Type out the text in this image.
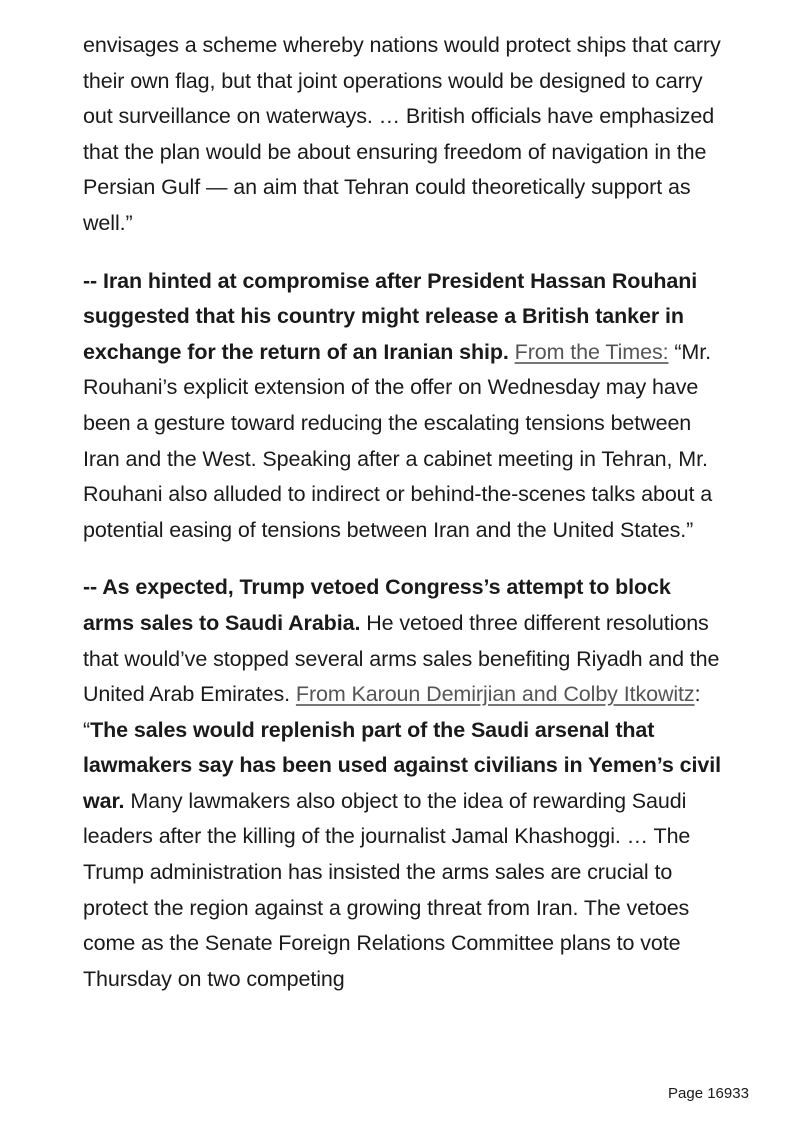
envisages a scheme whereby nations would protect ships that carry their own flag, but that joint operations would be designed to carry out surveillance on waterways. … British officials have emphasized that the plan would be about ensuring freedom of navigation in the Persian Gulf — an aim that Tehran could theoretically support as well.”

-- Iran hinted at compromise after President Hassan Rouhani suggested that his country might release a British tanker in exchange for the return of an Iranian ship. From the Times: “Mr. Rouhani’s explicit extension of the offer on Wednesday may have been a gesture toward reducing the escalating tensions between Iran and the West. Speaking after a cabinet meeting in Tehran, Mr. Rouhani also alluded to indirect or behind-the-scenes talks about a potential easing of tensions between Iran and the United States.”

-- As expected, Trump vetoed Congress’s attempt to block arms sales to Saudi Arabia. He vetoed three different resolutions that would’ve stopped several arms sales benefiting Riyadh and the United Arab Emirates. From Karoun Demirjian and Colby Itkowitz: “The sales would replenish part of the Saudi arsenal that lawmakers say has been used against civilians in Yemen’s civil war. Many lawmakers also object to the idea of rewarding Saudi leaders after the killing of the journalist Jamal Khashoggi. … The Trump administration has insisted the arms sales are crucial to protect the region against a growing threat from Iran. The vetoes come as the Senate Foreign Relations Committee plans to vote Thursday on two competing

Page 16933
